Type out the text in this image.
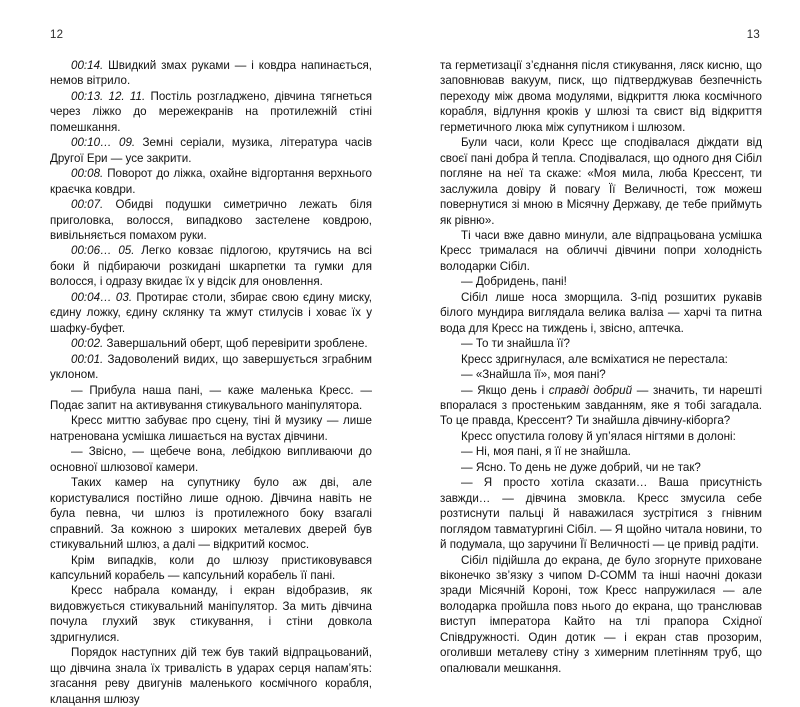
12

00:14. Швидкий змах руками — і ковдра напинається, немов вітрило.

00:13. 12. 11. Постіль розгладжено, дівчина тягнеться через ліжко до мережекранів на протилежній стіні помешкання.

00:10… 09. Земні серіали, музика, література часів Другої Ери — усе закрити.

00:08. Поворот до ліжка, охайне відгортання верхнього краєчка ковдри.

00:07. Обидві подушки симетрично лежать біля приголовка, волосся, випадково застелене ковдрою, вивільняється помахом руки.

00:06… 05. Легко ковзає підлогою, крутячись на всі боки й підбираючи розкидані шкарпетки та гумки для волосся, і одразу вкидає їх у відсік для оновлення.

00:04… 03. Протирає столи, збирає свою єдину миску, єдину ложку, єдину склянку та жмут стилусів і ховає їх у шафку-буфет.

00:02. Завершальний оберт, щоб перевірити зроблене.

00:01. Задоволений видих, що завершується зграбним уклоном.

— Прибула наша пані, — каже маленька Кресс. — Подає запит на активування стикувального маніпулятора.

Кресс миттю забуває про сцену, тіні й музику — лише натренована усмішка лишається на вустах дівчини.

— Звісно, — щебече вона, лебідкою випливаючи до основної шлюзової камери.

Таких камер на супутнику було аж дві, але користувалися постійно лише одною. Дівчина навіть не була певна, чи шлюз із протилежного боку взагалі справний. За кожною з широких металевих дверей був стикувальний шлюз, а далі — відкритий космос.

Крім випадків, коли до шлюзу пристиковувався капсульний корабель — капсульний корабель її пані.

Кресс набрала команду, і екран відобразив, як видовжується стикувальний маніпулятор. За мить дівчина почула глухий звук стикування, і стіни довкола здригнулися.

Порядок наступних дій теж був такий відпрацьований, що дівчина знала їх тривалість в ударах серця напам’ять: згасання реву двигунів маленького космічного корабля, клацання шлюзу

13

та герметизації з’єднання після стикування, ляск кисню, що заповнював вакуум, писк, що підтверджував безпечність переходу між двома модулями, відкриття люка космічного корабля, відлуння кроків у шлюзі та свист від відкриття герметичного люка між супутником і шлюзом.

Були часи, коли Кресс ще сподівалася діждати від своєї пані добра й тепла. Сподівалася, що одного дня Сібіл погляне на неї та скаже: «Моя мила, люба Крессент, ти заслужила довіру й повагу Її Величності, тож можеш повернутися зі мною в Місячну Державу, де тебе приймуть як рівню».

Ті часи вже давно минули, але відпрацьована усмішка Кресс трималася на обличчі дівчини попри холодність володарки Сібіл.

— Добридень, пані!

Сібіл лише носа зморщила. З-під розшитих рукавів білого мундира виглядала велика валіза — харчі та питна вода для Кресс на тиждень і, звісно, аптечка.

— То ти знайшла її?

Кресс здригнулася, але всміхатися не перестала:

— «Знайшла її», моя пані?

— Якщо день і справді добрий — значить, ти нарешті впоралася з простеньким завданням, яке я тобі загадала. То це правда, Крессент? Ти знайшла дівчину-кіборга?

Кресс опустила голову й уп’ялася нігтями в долоні:

— Ні, моя пані, я її не знайшла.

— Ясно. То день не дуже добрий, чи не так?

— Я просто хотіла сказати… Ваша присутність завжди… — дівчина змовкла. Кресс змусила себе розтиснути пальці й наважилася зустрітися з гнівним поглядом тавматургині Сібіл. — Я щойно читала новини, то й подумала, що заручини Її Величності — це привід радіти.

Сібіл підійшла до екрана, де було згорнуте приховане віконечко зв’язку з чипом D-COMM та інші наочні докази зради Місячній Короні, тож Кресс напружилася — але володарка пройшла повз нього до екрана, що транслював виступ імператора Кайто на тлі прапора Східної Співдружності. Один дотик — і екран став прозорим, оголивши металеву стіну з химерним плетінням труб, що опалювали мешкання.
